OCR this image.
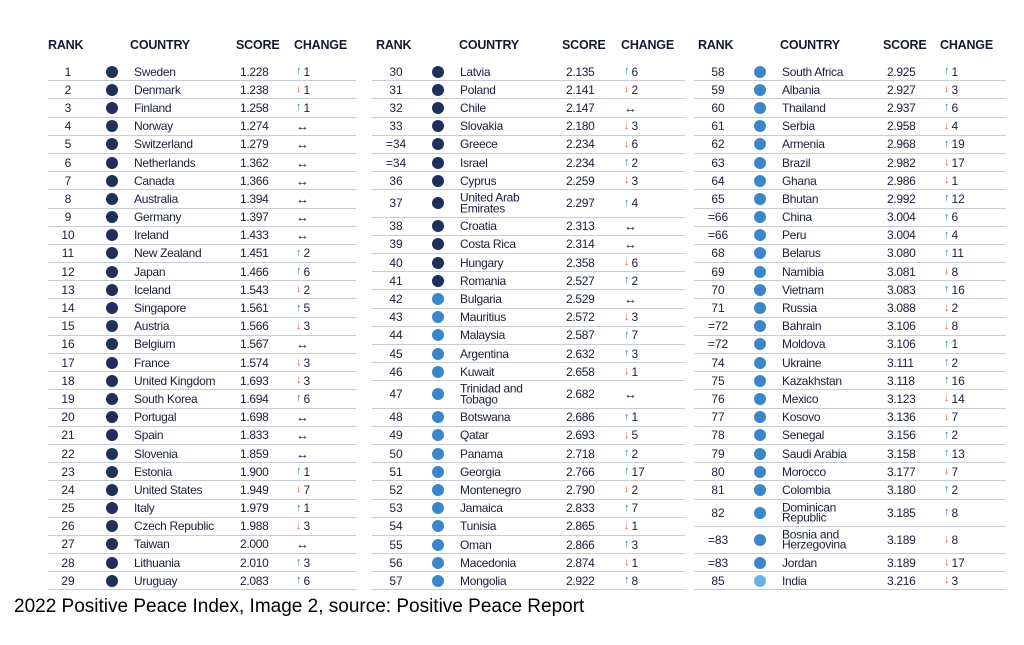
RANK	COUNTRY	SCORE CHANGE
1	Sweden	1.228 ↑ 1
2	Denmark	1.238 ↓ 1
3	Finland	1.258 ↑ 1
4	Norway	1.274 ↔
5	Switzerland	1.279 ↔
6	Netherlands	1.362 ↔
7	Canada	1.366 ↔
8	Australia	1.394 ↔
9	Germany	1.397 ↔
10	Ireland	1.433 ↔
11	New Zealand	1.451 ↑ 2
12	Japan	1.466 ↑ 6
13	Iceland	1.543 ↓ 2
14	Singapore	1.561 ↑ 5
15	Austria	1.566 ↓ 3
16	Belgium	1.567 ↔
17	France	1.574 ↓ 3
18	United Kingdom 1.693 ↓ 3
19	South Korea	1.694 ↑ 6
20	Portugal	1.698 ↔
21	Spain	1.833 ↔
22	Slovenia	1.859 ↔
23	Estonia	1.900 ↑ 1
24	United States	1.949 ↓ 7
25	Italy	1.979 ↑ 1
26	Czech Republic 1.988 ↓ 3
27	Taiwan	2.000 ↔
28	Lithuania	2.010 ↑ 3
29	Uruguay	2.083 ↑ 6
RANK	COUNTRY	SCORE CHANGE
30	Latvia	2.135	↑ 6
31	Poland	2.141	↓ 2
32	Chile	2.147 ↔
33	Slovakia	2.180	↓ 3
=34	Greece	2.234	↓ 6
=34	Israel	2.234	↑ 2
36	Cyprus	2.259	↓ 3
37	United Arab Emirates	2.297	↑ 4
38	Croatia	2.313 ↔
39	Costa Rica	2.314 ↔
40	Hungary	2.358	↓ 6
41	Romania	2.527	↑ 2
42	Bulgaria	2.529 ↔
43	Mauritius	2.572	↓ 3
44	Malaysia	2.587	↑ 7
45	Argentina	2.632	↑ 3
46	Kuwait	2.658	↓ 1
47	Trinidad and Tobago	2.682 ↔
48	Botswana	2.686	↑ 1
49	Qatar	2.693	↓ 5
50	Panama	2.718	↑ 2
51	Georgia	2.766	↑ 17
52	Montenegro	2.790	↓ 2
53	Jamaica	2.833	↑ 7
54	Tunisia	2.865	↓ 1
55	Oman	2.866	↑ 3
56	Macedonia	2.874	↓ 1
57	Mongolia	2.922	↑ 8
RANK	COUNTRY	SCORE CHANGE
58	South Africa	2.925	↑ 1
59	Albania	2.927	↓ 3
60	Thailand	2.937	↑ 6
61	Serbia	2.958	↓ 4
62	Armenia	2.968	↑ 19
63	Brazil	2.982	↓ 17
64	Ghana	2.986	↓ 1
65	Bhutan	2.992	↑ 12
=66	China	3.004	↑ 6
=66	Peru	3.004	↑ 4
68	Belarus	3.080	↑ 11
69	Namibia	3.081	↓ 8
70	Vietnam	3.083	↑ 16
71	Russia	3.088	↓ 2
=72	Bahrain	3.106	↓ 8
=72	Moldova	3.106	↑ 1
74	Ukraine	3.111	↑ 2
75	Kazakhstan	3.118	↑ 16
76	Mexico	3.123	↓ 14
77	Kosovo	3.136	↓ 7
78	Senegal	3.156	↑ 2
79	Saudi Arabia	3.158	↑ 13
80	Morocco	3.177	↓ 7
81	Colombia	3.180	↑ 2
82	Dominican Republic	3.185	↑ 8
=83	Bosnia and Herzegovina	3.189	↓ 8
=83	Jordan	3.189	↓ 17
85	India	3.216	↓ 3
2022 Positive Peace Index, Image 2, source: Positive Peace Report
